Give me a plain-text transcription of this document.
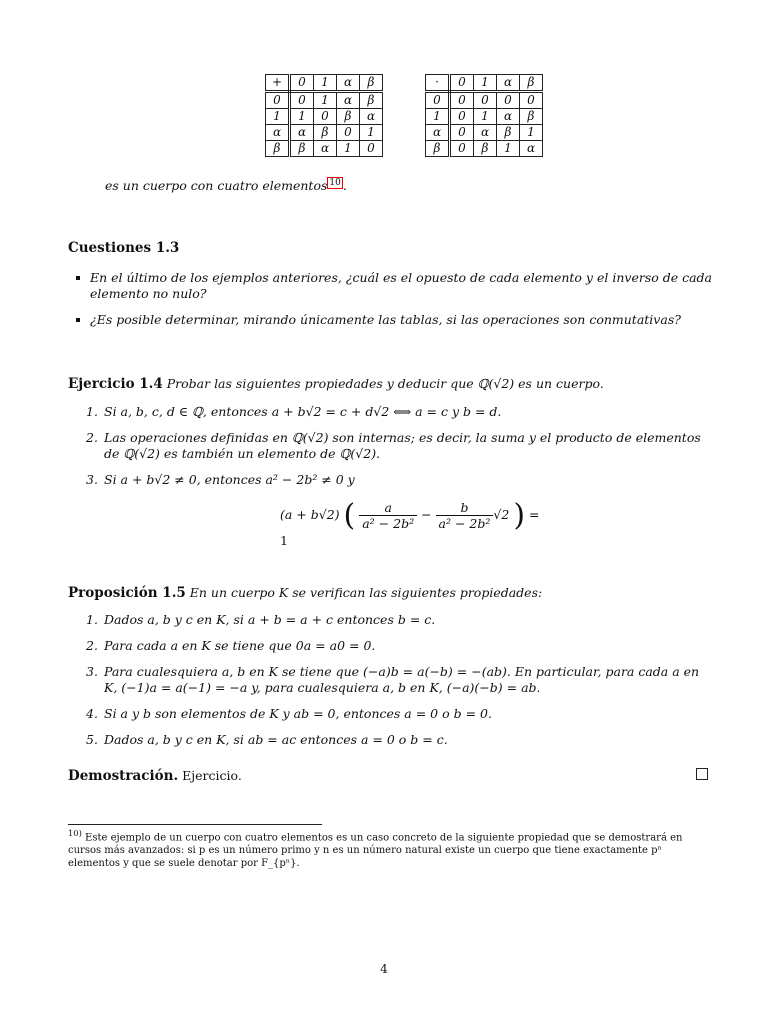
+	0	1	α	β
0	0	1	α	β
1	1	0	β	α
α	α	β	0	1
β	β	α	1	0
·	0	1	α	β
0	0	0	0	0
1	0	1	α	β
α	0	α	β	1
β	0	β	1	α
es un cuerpo con cuatro elementos 10 .
Cuestiones 1.3
En el último de los ejemplos anteriores, ¿cuál es el opuesto de cada elemento y el inverso de cada elemento no nulo?
¿Es posible determinar, mirando únicamente las tablas, si las operaciones son conmutativas?
Ejercicio 1.4 Probar las siguientes propiedades y deducir que ℚ(√2) es un cuerpo.
1. Si a, b, c, d ∈ ℚ, entonces a + b√2 = c + d√2 ⟺ a = c y b = d.
2. Las operaciones definidas en ℚ(√2) son internas; es decir, la suma y el producto de elementos de ℚ(√2) es también un elemento de ℚ(√2).
3. Si a + b√2 ≠ 0, entonces a² − 2b² ≠ 0 y
(a + b√2) ( $\frac{a}{\text{a² − 2b²}} - \frac{b}{\text{a² − 2b²}} √2$ ) = 1
Proposición 1.5 En un cuerpo K se verifican las siguientes propiedades:
1. Dados a, b y c en K, si a + b = a + c entonces b = c.
2. Para cada a en K se tiene que 0a = a0 = 0.
3. Para cualesquiera a, b en K se tiene que (−a)b = a(−b) = −(ab). En particular, para cada a en K, (−1)a = a(−1) = −a y, para cualesquiera a, b en K, (−a)(−b) = ab.
4. Si a y b son elementos de K y ab = 0, entonces a = 0 o b = 0.
5. Dados a, b y c en K, si ab = ac entonces a = 0 o b = c.
Demostración. Ejercicio.
$^{10)}$ Este ejemplo de un cuerpo con cuatro elementos es un caso concreto de la siguiente propiedad que se demostrará en cursos más avanzados: si p es un número primo y n es un número natural existe un cuerpo que tiene exactamente pⁿ elementos y que se suele denotar por F_{pⁿ}.
4
